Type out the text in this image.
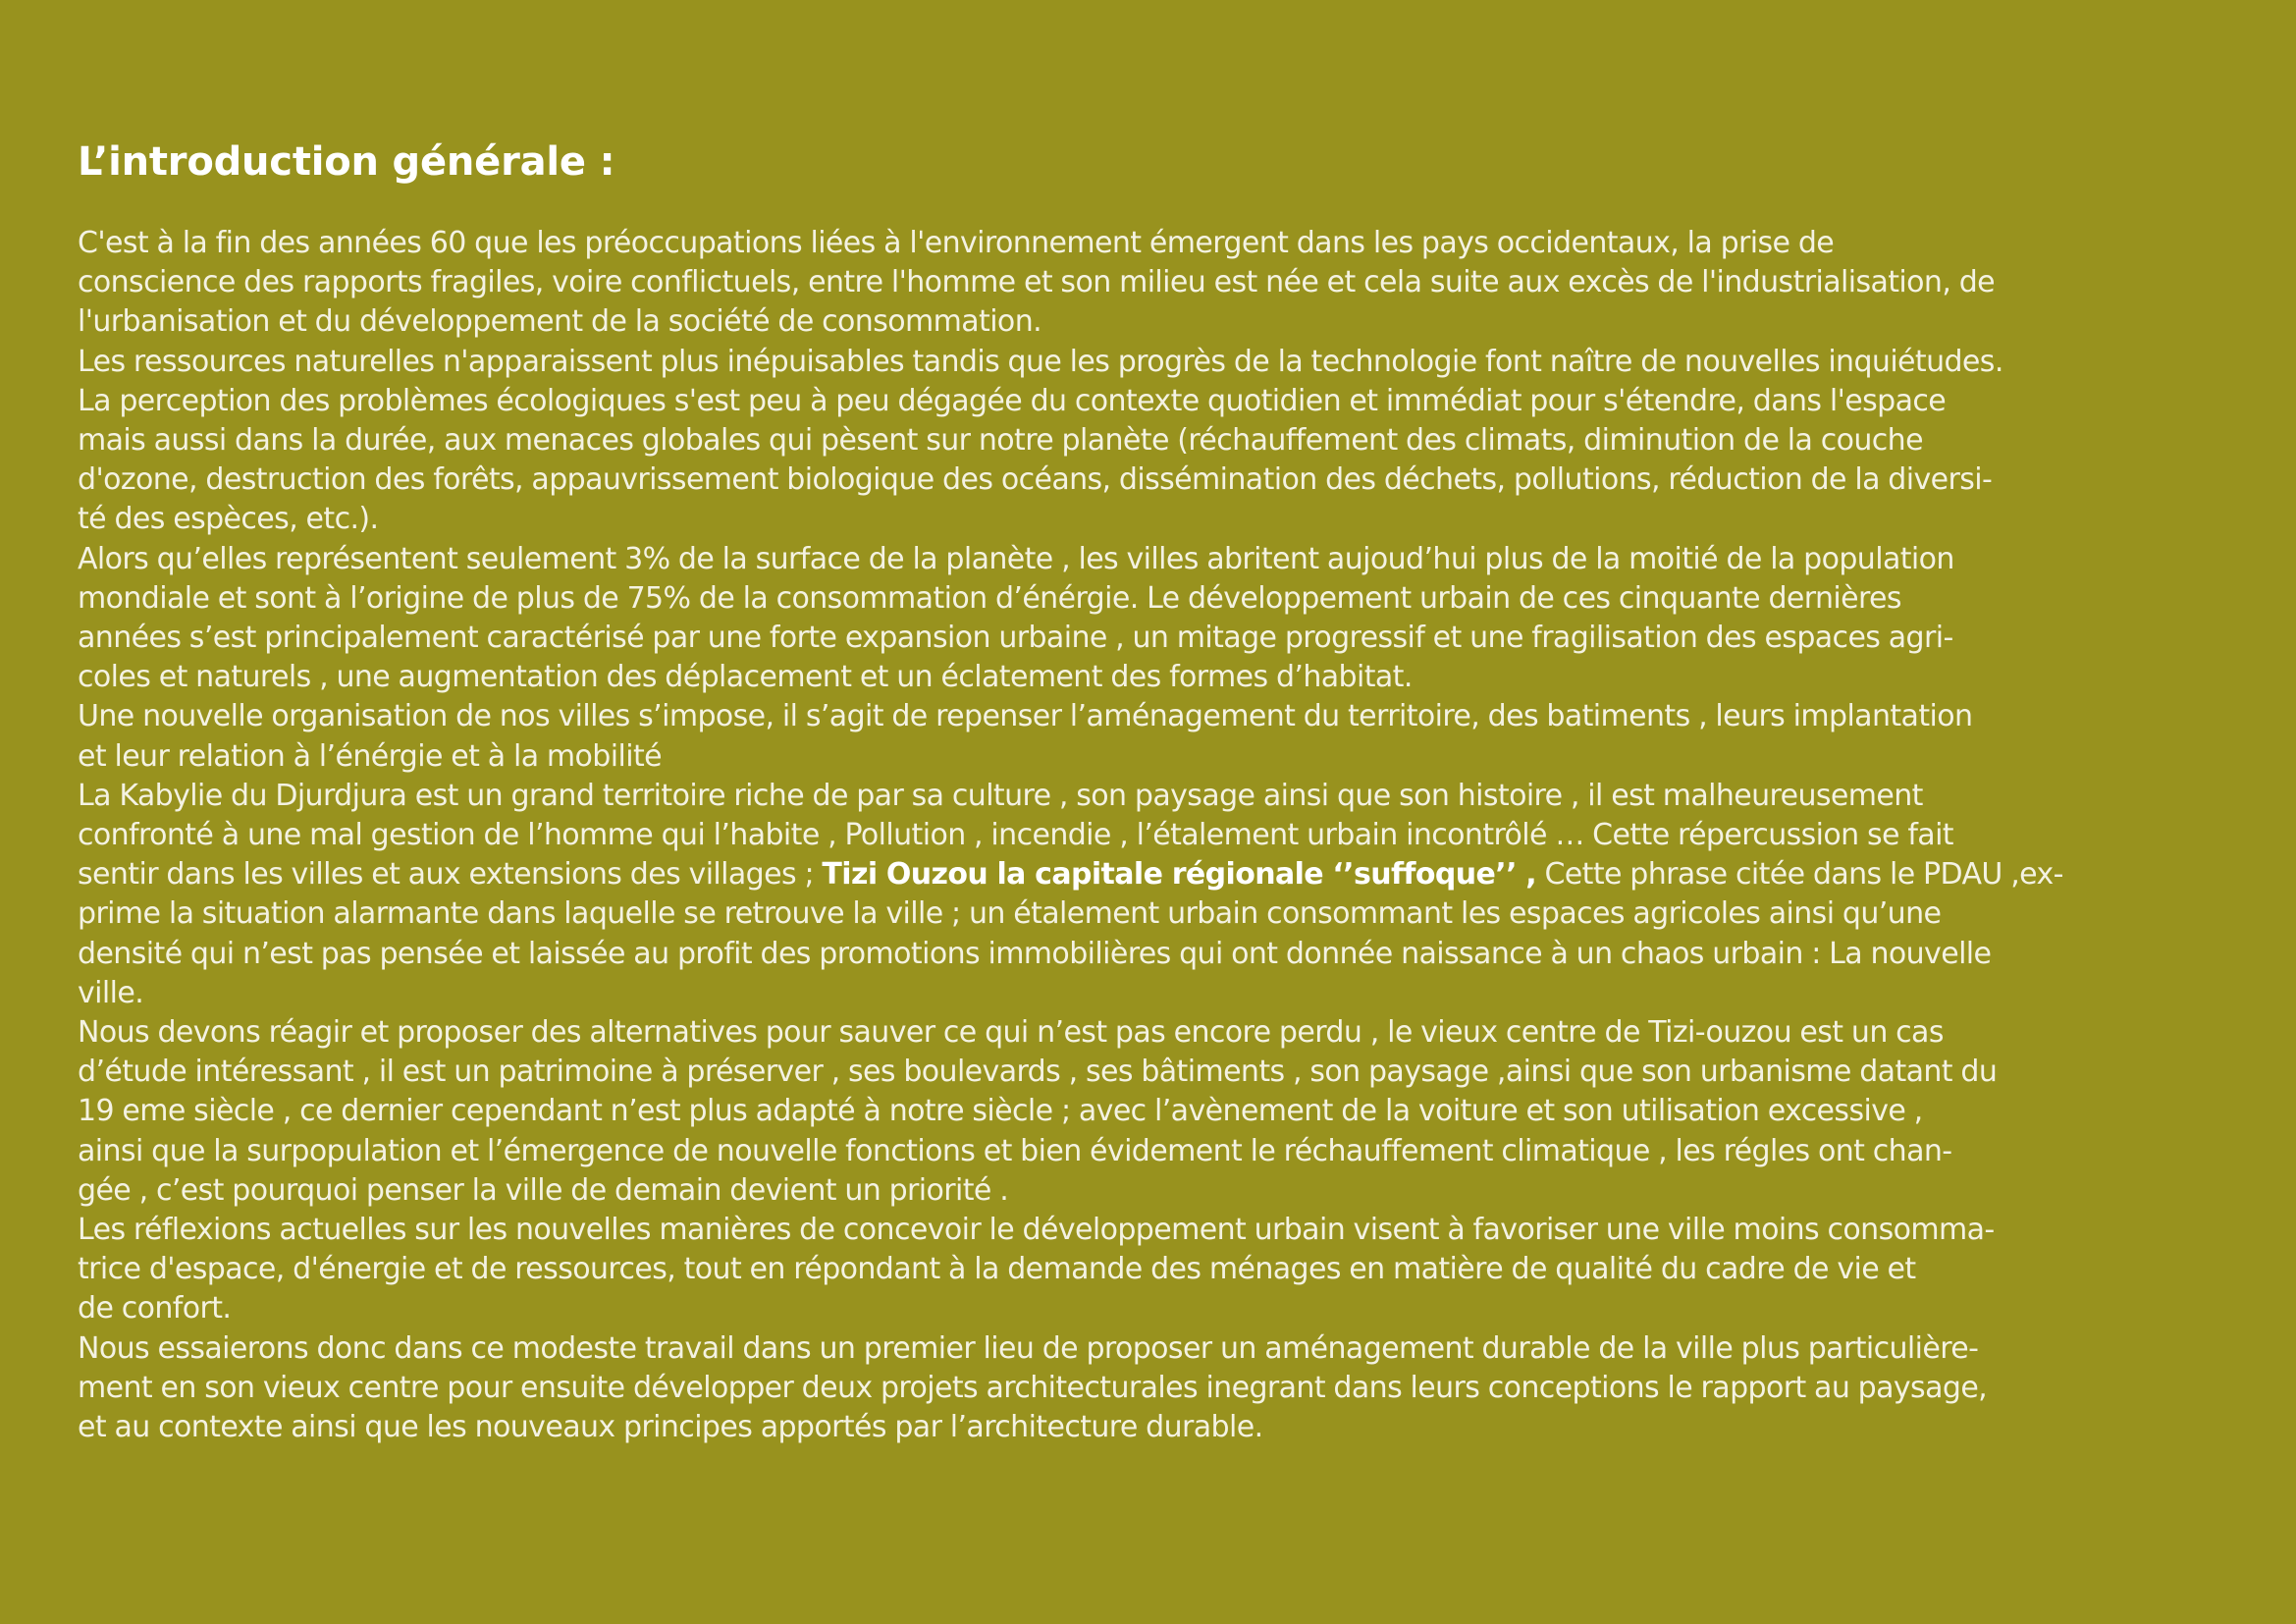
L’introduction générale :
C'est à la fin des années 60 que les préoccupations liées à l'environnement émergent dans les pays occidentaux, la prise de
conscience des rapports fragiles, voire conflictuels, entre l'homme et son milieu est née et cela suite aux excès de l'industrialisation, de
l'urbanisation et du développement de la société de consommation.
Les ressources naturelles n'apparaissent plus inépuisables tandis que les progrès de la technologie font naître de nouvelles inquiétudes.
La perception des problèmes écologiques s'est peu à peu dégagée du contexte quotidien et immédiat pour s'étendre, dans l'espace
mais aussi dans la durée, aux menaces globales qui pèsent sur notre planète (réchauffement des climats, diminution de la couche
d'ozone, destruction des forêts, appauvrissement biologique des océans, dissémination des déchets, pollutions, réduction de la diversi-
té des espèces, etc.).
Alors qu’elles représentent seulement 3% de la surface de la planète , les villes abritent aujoud’hui plus de la moitié de la population
mondiale et sont à l’origine de plus de 75% de la consommation d’énérgie. Le développement urbain de ces cinquante dernières
années s’est principalement caractérisé par une forte expansion urbaine , un mitage progressif et une fragilisation des espaces agri-
coles et naturels , une augmentation des déplacement et un éclatement des formes d’habitat.
Une nouvelle organisation de nos villes s’impose, il s’agit de repenser l’aménagement du territoire, des batiments , leurs implantation
et leur relation à l’énérgie et à la mobilité
La Kabylie du Djurdjura est un grand territoire riche de par sa culture , son paysage ainsi que son histoire , il est malheureusement
confronté à une mal gestion de l’homme qui l’habite , Pollution , incendie , l’étalement urbain incontrôlé … Cette répercussion se fait
sentir dans les villes et aux extensions des villages ; Tizi Ouzou la capitale régionale ‘’suffoque’’ , Cette phrase citée dans le PDAU ,ex-
prime la situation alarmante dans laquelle se retrouve la ville ; un étalement urbain consommant les espaces agricoles ainsi qu’une
densité qui n’est pas pensée et laissée au profit des promotions immobilières qui ont donnée naissance à un chaos urbain : La nouvelle
ville.
Nous devons réagir et proposer des alternatives pour sauver ce qui n’est pas encore perdu , le vieux centre de Tizi-ouzou est un cas
d’étude intéressant , il est un patrimoine à préserver , ses boulevards , ses bâtiments , son paysage ,ainsi que son urbanisme datant du
19 eme siècle , ce dernier cependant n’est plus adapté à notre siècle ; avec l’avènement de la voiture et son utilisation excessive ,
ainsi que la surpopulation et l’émergence de nouvelle fonctions et bien évidement le réchauffement climatique , les régles ont chan-
gée , c’est pourquoi penser la ville de demain devient un priorité .
Les réflexions actuelles sur les nouvelles manières de concevoir le développement urbain visent à favoriser une ville moins consomma-
trice d'espace, d'énergie et de ressources, tout en répondant à la demande des ménages en matière de qualité du cadre de vie et
de confort.
Nous essaierons donc dans ce modeste travail dans un premier lieu de proposer un aménagement durable de la ville plus particulière-
ment en son vieux centre pour ensuite développer deux projets architecturales inegrant dans leurs conceptions le rapport au paysage,
et au contexte ainsi que les nouveaux principes apportés par l’architecture durable.
